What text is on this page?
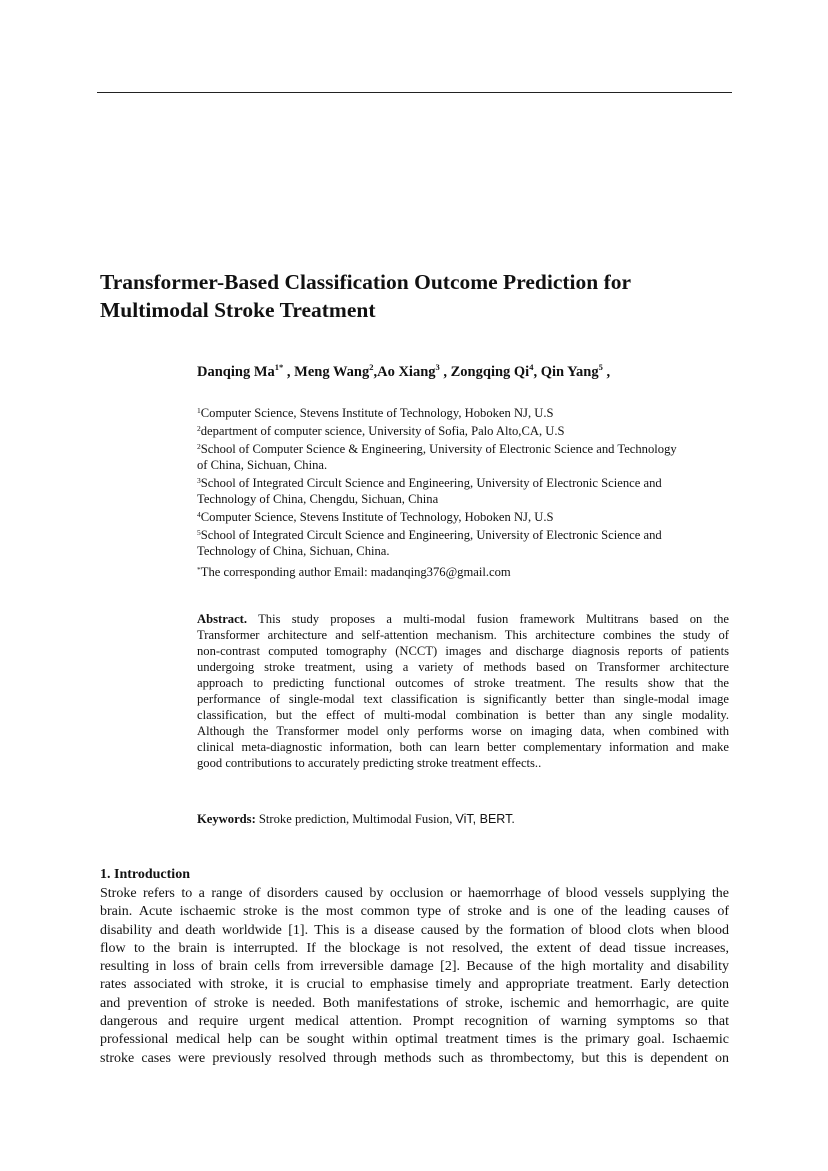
Transformer-Based Classification Outcome Prediction for
Multimodal Stroke Treatment
Danqing $Ma^{1*}$ , Meng Wang$^2$,Ao Xiang$^3$ , Zongqing Qi$^4$, Qin Yang$^5$ ,
$^1$Computer Science, Stevens Institute of Technology, Hoboken NJ, U.S
$^2$department of computer science, University of Sofia, Palo Alto,CA, U.S
$^2$School of Computer Science & Engineering, University of Electronic Science and Technology
of China, Sichuan, China.
$^3$School of Integrated Circult Science and Engineering, University of Electronic Science and
Technology of China, Chengdu, Sichuan, China
$^4$Computer Science, Stevens Institute of Technology, Hoboken NJ, U.S
$^5$School of Integrated Circult Science and Engineering, University of Electronic Science and
Technology of China, Sichuan, China.
*The corresponding author Email: madanqing376@gmail.com
Abstract. This study proposes a multi-modal fusion framework Multitrans based on the
Transformer architecture and self-attention mechanism. This architecture combines the study of
non-contrast computed tomography (NCCT) images and discharge diagnosis reports of patients
undergoing stroke treatment, using a variety of methods based on Transformer architecture
approach to predicting functional outcomes of stroke treatment. The results show that the
performance of single-modal text classification is significantly better than single-modal image
classification, but the effect of multi-modal combination is better than any single modality.
Although the Transformer model only performs worse on imaging data, when combined with
clinical meta-diagnostic information, both can learn better complementary information and make
good contributions to accurately predicting stroke treatment effects..
Keywords: Stroke prediction, Multimodal Fusion, ViT, BERT.
1. Introduction
Stroke refers to a range of disorders caused by occlusion or haemorrhage of blood vessels supplying the
brain. Acute ischaemic stroke is the most common type of stroke and is one of the leading causes of
disability and death worldwide [1]. This is a disease caused by the formation of blood clots when blood
flow to the brain is interrupted. If the blockage is not resolved, the extent of dead tissue increases,
resulting in loss of brain cells from irreversible damage [2]. Because of the high mortality and disability
rates associated with stroke, it is crucial to emphasise timely and appropriate treatment. Early detection
and prevention of stroke is needed. Both manifestations of stroke, ischemic and hemorrhagic, are quite
dangerous and require urgent medical attention. Prompt recognition of warning symptoms so that
professional medical help can be sought within optimal treatment times is the primary goal. Ischaemic
stroke cases were previously resolved through methods such as thrombectomy, but this is dependent on
